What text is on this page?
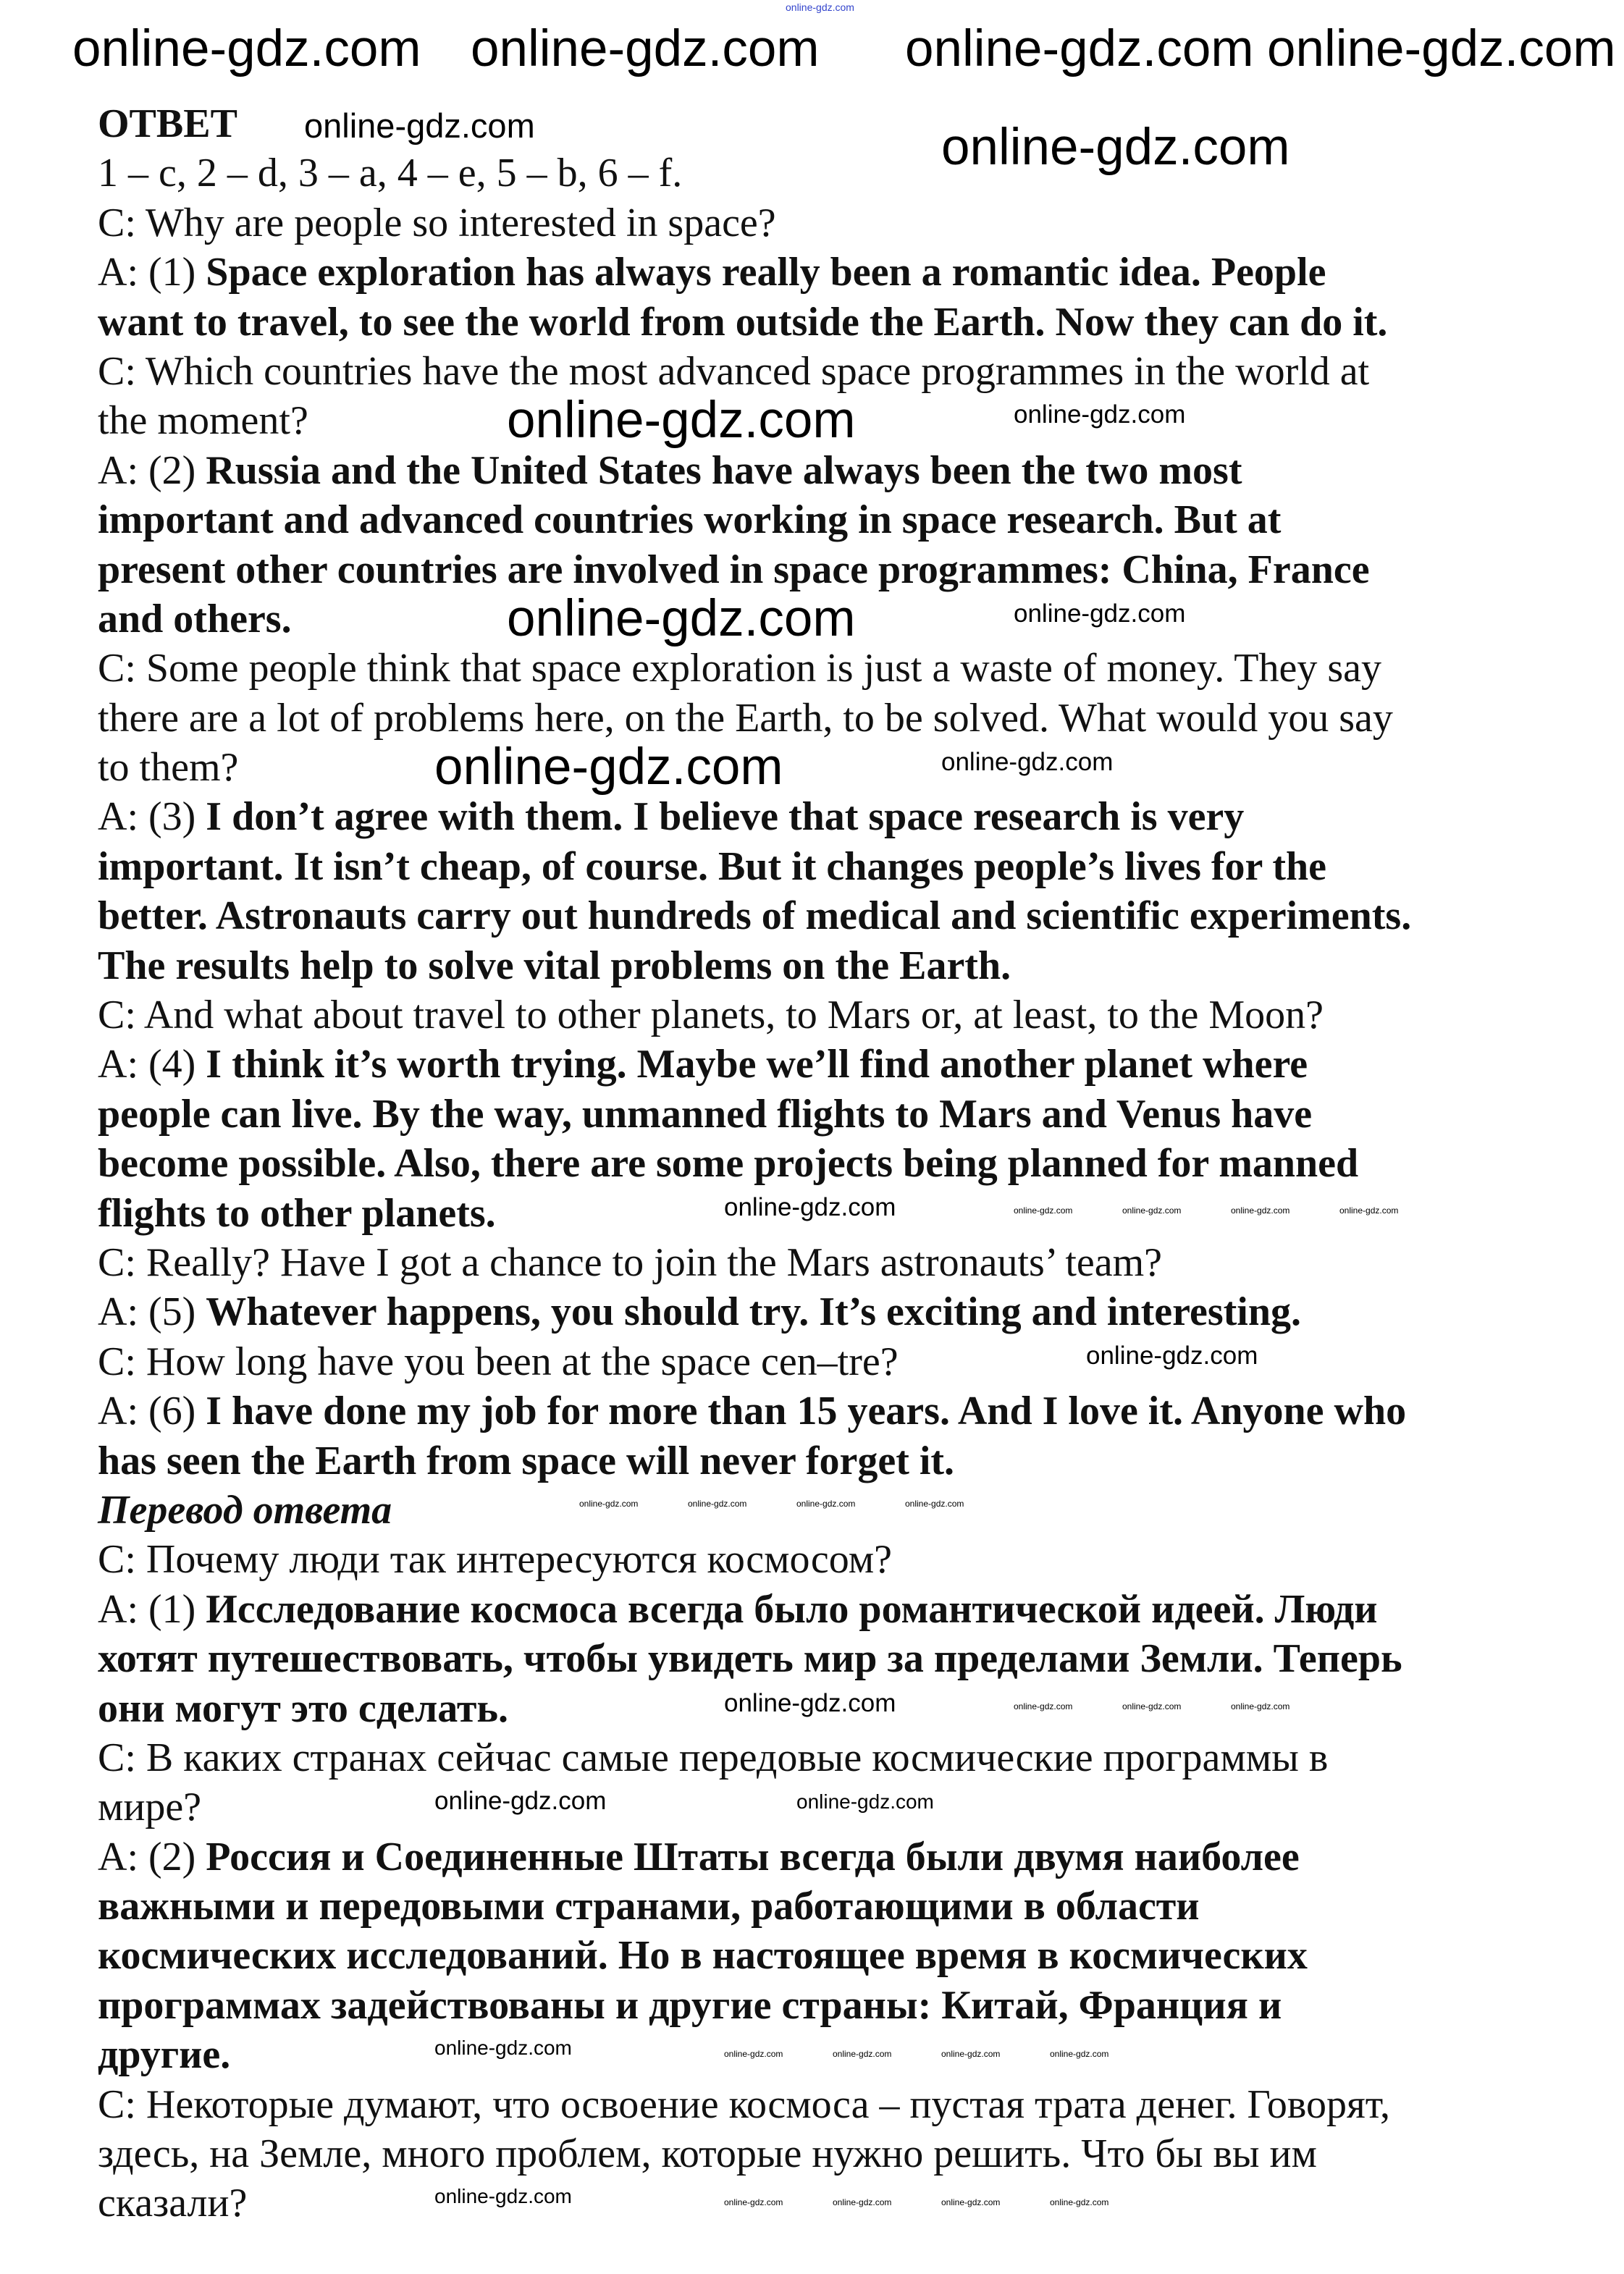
online-gdz.com
ОТВЕТ
1 – c, 2 – d, 3 – a, 4 – e, 5 – b, 6 – f.
C: Why are people so interested in space?
A: (1) Space exploration has always really been a romantic idea. People
want to travel, to see the world from outside the Earth. Now they can do it.
C: Which countries have the most advanced space programmes in the world at
the moment?
A: (2) Russia and the United States have always been the two most
important and advanced countries working in space research. But at
present other countries are involved in space programmes: China, France
and others.
C: Some people think that space exploration is just a waste of money. They say
there are a lot of problems here, on the Earth, to be solved. What would you say
to them?
A: (3) I don’t agree with them. I believe that space research is very
important. It isn’t cheap, of course. But it changes people’s lives for the
better. Astronauts carry out hundreds of medical and scientific experiments.
The results help to solve vital problems on the Earth.
C: And what about travel to other planets, to Mars or, at least, to the Moon?
A: (4) I think it’s worth trying. Maybe we’ll find another planet where
people can live. By the way, unmanned flights to Mars and Venus have
become possible. Also, there are some projects being planned for manned
flights to other planets.
C: Really? Have I got a chance to join the Mars astronauts’ team?
A: (5) Whatever happens, you should try. It’s exciting and interesting.
C: How long have you been at the space cen–tre?
A: (6) I have done my job for more than 15 years. And I love it. Anyone who
has seen the Earth from space will never forget it.
Перевод ответа
С: Почему люди так интересуются космосом?
А: (1) Исследование космоса всегда было романтической идеей. Люди
хотят путешествовать, чтобы увидеть мир за пределами Земли. Теперь
они могут это сделать.
С: В каких странах сейчас самые передовые космические программы в
мире?
А: (2) Россия и Соединенные Штаты всегда были двумя наиболее
важными и передовыми странами, работающими в области
космических исследований. Но в настоящее время в космических
программах задействованы и другие страны: Китай, Франция и
другие.
С: Некоторые думают, что освоение космоса – пустая трата денег. Говорят,
здесь, на Земле, много проблем, которые нужно решить. Что бы вы им
сказали?
online-gdz.com online-gdz.com online-gdz.com online-gdz.com
online-gdz.com
online-gdz.com
online-gdz.com
online-gdz.com
online-gdz.com
online-gdz.com
online-gdz.com
online-gdz.com
online-gdz.com
online-gdz.com
online-gdz.com
online-gdz.com	online-gdz.com
online-gdz.com
online-gdz.com
online-gdz.com	online-gdz.com	online-gdz.com	online-gdz.com
online-gdz.com	online-gdz.com	online-gdz.com	online-gdz.com
online-gdz.com	online-gdz.com	online-gdz.com
online-gdz.com	online-gdz.com	online-gdz.com	online-gdz.com
online-gdz.com	online-gdz.com	online-gdz.com	online-gdz.com
